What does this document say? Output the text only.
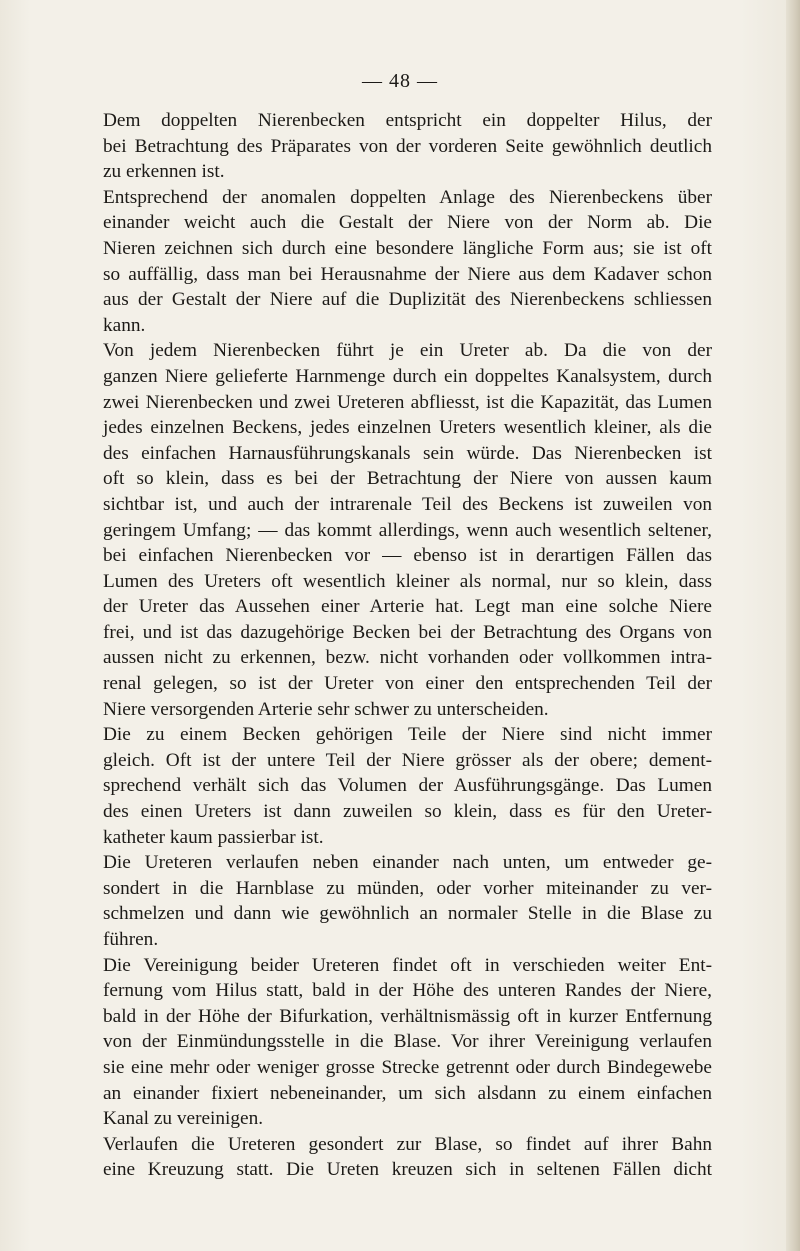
— 48 —
Dem doppelten Nierenbecken entspricht ein doppelter Hilus, der
bei Betrachtung des Präparates von der vorderen Seite gewöhnlich deutlich
zu erkennen ist.
Entsprechend der anomalen doppelten Anlage des Nierenbeckens über
einander weicht auch die Gestalt der Niere von der Norm ab. Die
Nieren zeichnen sich durch eine besondere längliche Form aus; sie ist oft
so auffällig, dass man bei Herausnahme der Niere aus dem Kadaver schon
aus der Gestalt der Niere auf die Duplizität des Nierenbeckens schliessen
kann.
Von jedem Nierenbecken führt je ein Ureter ab. Da die von der
ganzen Niere gelieferte Harnmenge durch ein doppeltes Kanalsystem, durch
zwei Nierenbecken und zwei Ureteren abfliesst, ist die Kapazität, das Lumen
jedes einzelnen Beckens, jedes einzelnen Ureters wesentlich kleiner, als die
des einfachen Harnausführungskanals sein würde. Das Nierenbecken ist
oft so klein, dass es bei der Betrachtung der Niere von aussen kaum
sichtbar ist, und auch der intrarenale Teil des Beckens ist zuweilen von
geringem Umfang; — das kommt allerdings, wenn auch wesentlich seltener,
bei einfachen Nierenbecken vor — ebenso ist in derartigen Fällen das
Lumen des Ureters oft wesentlich kleiner als normal, nur so klein, dass
der Ureter das Aussehen einer Arterie hat. Legt man eine solche Niere
frei, und ist das dazugehörige Becken bei der Betrachtung des Organs von
aussen nicht zu erkennen, bezw. nicht vorhanden oder vollkommen intra-
renal gelegen, so ist der Ureter von einer den entsprechenden Teil der
Niere versorgenden Arterie sehr schwer zu unterscheiden.
Die zu einem Becken gehörigen Teile der Niere sind nicht immer
gleich. Oft ist der untere Teil der Niere grösser als der obere; dement-
sprechend verhält sich das Volumen der Ausführungsgänge. Das Lumen
des einen Ureters ist dann zuweilen so klein, dass es für den Ureter-
katheter kaum passierbar ist.
Die Ureteren verlaufen neben einander nach unten, um entweder ge-
sondert in die Harnblase zu münden, oder vorher miteinander zu ver-
schmelzen und dann wie gewöhnlich an normaler Stelle in die Blase zu
führen.
Die Vereinigung beider Ureteren findet oft in verschieden weiter Ent-
fernung vom Hilus statt, bald in der Höhe des unteren Randes der Niere,
bald in der Höhe der Bifurkation, verhältnismässig oft in kurzer Entfernung
von der Einmündungsstelle in die Blase. Vor ihrer Vereinigung verlaufen
sie eine mehr oder weniger grosse Strecke getrennt oder durch Bindegewebe
an einander fixiert nebeneinander, um sich alsdann zu einem einfachen
Kanal zu vereinigen.
Verlaufen die Ureteren gesondert zur Blase, so findet auf ihrer Bahn
eine Kreuzung statt. Die Ureten kreuzen sich in seltenen Fällen dicht
